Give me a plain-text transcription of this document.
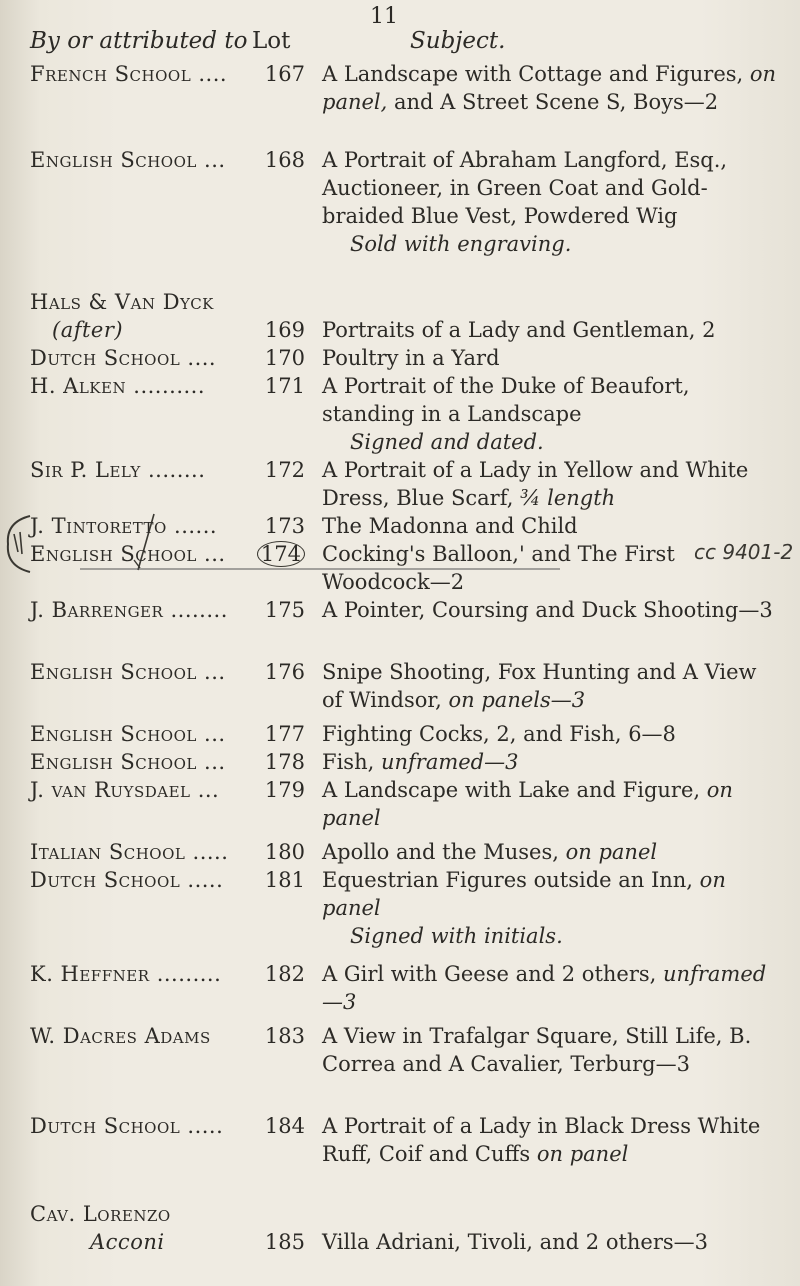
11
By or attributed to Lot	Subject.
French School ....	167 A Landscape with Cottage and Figures, on panel, and A Street Scene S, Boys—2
English School ...	168 A Portrait of Abraham Langford, Esq., Auctioneer, in Green Coat and Gold-braided Blue Vest, Powdered Wig
Sold with engraving.
Hals & Van Dyck
(after)	169 Portraits of a Lady and Gentleman, 2
Dutch School ....	170 Poultry in a Yard
H. Alken ..........	171 A Portrait of the Duke of Beaufort, standing in a Landscape
Signed and dated.
Sir P. Lely ........	172 A Portrait of a Lady in Yellow and White Dress, Blue Scarf, ¾ length
J. Tintoretto ......	173 The Madonna and Child
English School ...	174 Cocking's Balloon,' and The First Woodcock—2
cc 9401-2
J. Barrenger ........	175 A Pointer, Coursing and Duck Shooting—3
English School ...	176 Snipe Shooting, Fox Hunting and A View of Windsor, on panels—3
English School ...	177 Fighting Cocks, 2, and Fish, 6—8
English School ...	178 Fish, unframed—3
J. van Ruysdael ...	179 A Landscape with Lake and Figure, on panel
Italian School .....	180 Apollo and the Muses, on panel
Dutch School .....	181 Equestrian Figures outside an Inn, on panel
Signed with initials.
K. Heffner .........	182 A Girl with Geese and 2 others, unframed—3
W. Dacres Adams	183 A View in Trafalgar Square, Still Life, B. Correa and A Cavalier, Terburg—3
Dutch School .....	184 A Portrait of a Lady in Black Dress White Ruff, Coif and Cuffs on panel
Cav. Lorenzo
Acconi	185 Villa Adriani, Tivoli, and 2 others—3
